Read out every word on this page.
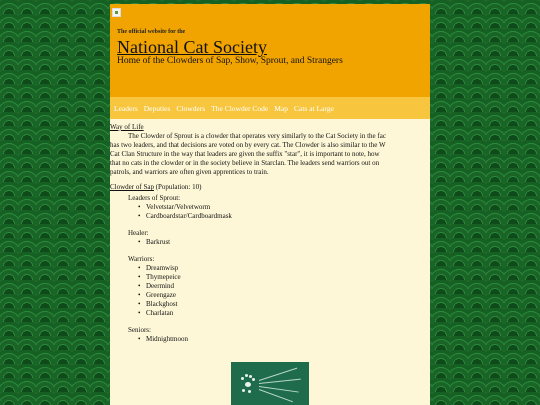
The official website for the
National Cat Society
Home of the Clowders of Sap, Show, Sprout, and Strangers
Leaders Deputies Clowders The Clowder Code Map Cats at Large
Way of Life
The Clowder of Sprout is a clowder that operates very similarly to the Cat Society in the fac
has two leaders, and that decisions are voted on by every cat. The Clowder is also similar to the W
Cat Clan Structure in the way that leaders are given the suffix "star", it is important to note, how
that no cats in the clowder or in the society believe in Starclan. The leaders send warriors out on
patrols, and warriors are often given apprentices to train.
Clowder of Sap (Population: 10)
Leaders of Sprout:
• Velvetstar/Velvetworm
• Cardboardstar/Cardboardmask
Healer:
• Barkrust
Warriors:
• Dreamwisp
• Thymepeice
• Deermind
• Greengaze
• Blackghost
• Charlatan
Seniors:
• Midnightmoon
